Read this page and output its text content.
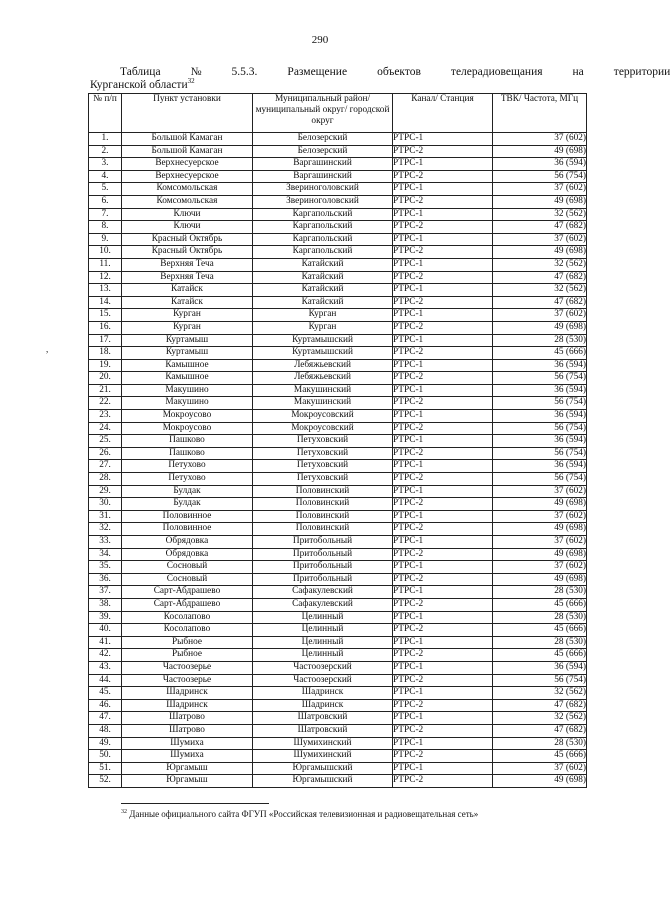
290
Таблица	№	5.5.3.	Размещение	объектов	телерадиовещания	на	территории
Курганской области$^{32}$
№ п/п	Пункт установки	Муниципальный район/ муниципальный округ/ городской округ	Канал/ Станция	ТВК/ Частота, МГц
1.	Большой Камаган	Белозерский	РТРС-1	37 (602)
2.	Большой Камаган	Белозерский	РТРС-2	49 (698)
3.	Верхнесуерское	Варгашинский	РТРС-1	36 (594)
4.	Верхнесуерское	Варгашинский	РТРС-2	56 (754)
5.	Комсомольская	Звериноголовский	РТРС-1	37 (602)
6.	Комсомольская	Звериноголовский	РТРС-2	49 (698)
7.	Ключи	Каргапольский	РТРС-1	32 (562)
8.	Ключи	Каргапольский	РТРС-2	47 (682)
9.	Красный Октябрь	Каргапольский	РТРС-1	37 (602)
10.	Красный Октябрь	Каргапольский	РТРС-2	49 (698)
11.	Верхняя Теча	Катайский	РТРС-1	32 (562)
12.	Верхняя Теча	Катайский	РТРС-2	47 (682)
13.	Катайск	Катайский	РТРС-1	32 (562)
14.	Катайск	Катайский	РТРС-2	47 (682)
15.	Курган	Курган	РТРС-1	37 (602)
16.	Курган	Курган	РТРС-2	49 (698)
17.	Куртамыш	Куртамышский	РТРС-1	28 (530)
18.	Куртамыш	Куртамышский	РТРС-2	45 (666)
19.	Камышное	Лебяжьевский	РТРС-1	36 (594)
20.	Камышное	Лебяжьевский	РТРС-2	56 (754)
21.	Макушино	Макушинский	РТРС-1	36 (594)
22.	Макушино	Макушинский	РТРС-2	56 (754)
23.	Мокроусово	Мокроусовский	РТРС-1	36 (594)
24.	Мокроусово	Мокроусовский	РТРС-2	56 (754)
25.	Пашково	Петуховский	РТРС-1	36 (594)
26.	Пашково	Петуховский	РТРС-2	56 (754)
27.	Петухово	Петуховский	РТРС-1	36 (594)
28.	Петухово	Петуховский	РТРС-2	56 (754)
29.	Булдак	Половинский	РТРС-1	37 (602)
30.	Булдак	Половинский	РТРС-2	49 (698)
31.	Половинное	Половинский	РТРС-1	37 (602)
32.	Половинное	Половинский	РТРС-2	49 (698)
33.	Обрядовка	Притобольный	РТРС-1	37 (602)
34.	Обрядовка	Притобольный	РТРС-2	49 (698)
35.	Сосновый	Притобольный	РТРС-1	37 (602)
36.	Сосновый	Притобольный	РТРС-2	49 (698)
37.	Сарт-Абдрашево	Сафакулевский	РТРС-1	28 (530)
38.	Сарт-Абдрашево	Сафакулевский	РТРС-2	45 (666)
39.	Косолапово	Целинный	РТРС-1	28 (530)
40.	Косолапово	Целинный	РТРС-2	45 (666)
41.	Рыбное	Целинный	РТРС-1	28 (530)
42.	Рыбное	Целинный	РТРС-2	45 (666)
43.	Частоозерье	Частоозерский	РТРС-1	36 (594)
44.	Частоозерье	Частоозерский	РТРС-2	56 (754)
45.	Шадринск	Шадринск	РТРС-1	32 (562)
46.	Шадринск	Шадринск	РТРС-2	47 (682)
47.	Шатрово	Шатровский	РТРС-1	32 (562)
48.	Шатрово	Шатровский	РТРС-2	47 (682)
49.	Шумиха	Шумихинский	РТРС-1	28 (530)
50.	Шумиха	Шумихинский	РТРС-2	45 (666)
51.	Юргамыш	Юргамышский	РТРС-1	37 (602)
52.	Юргамыш	Юргамышский	РТРС-2	49 (698)
,
$^{32}$ Данные официального сайта ФГУП «Российская телевизионная и радиовещательная сеть»
